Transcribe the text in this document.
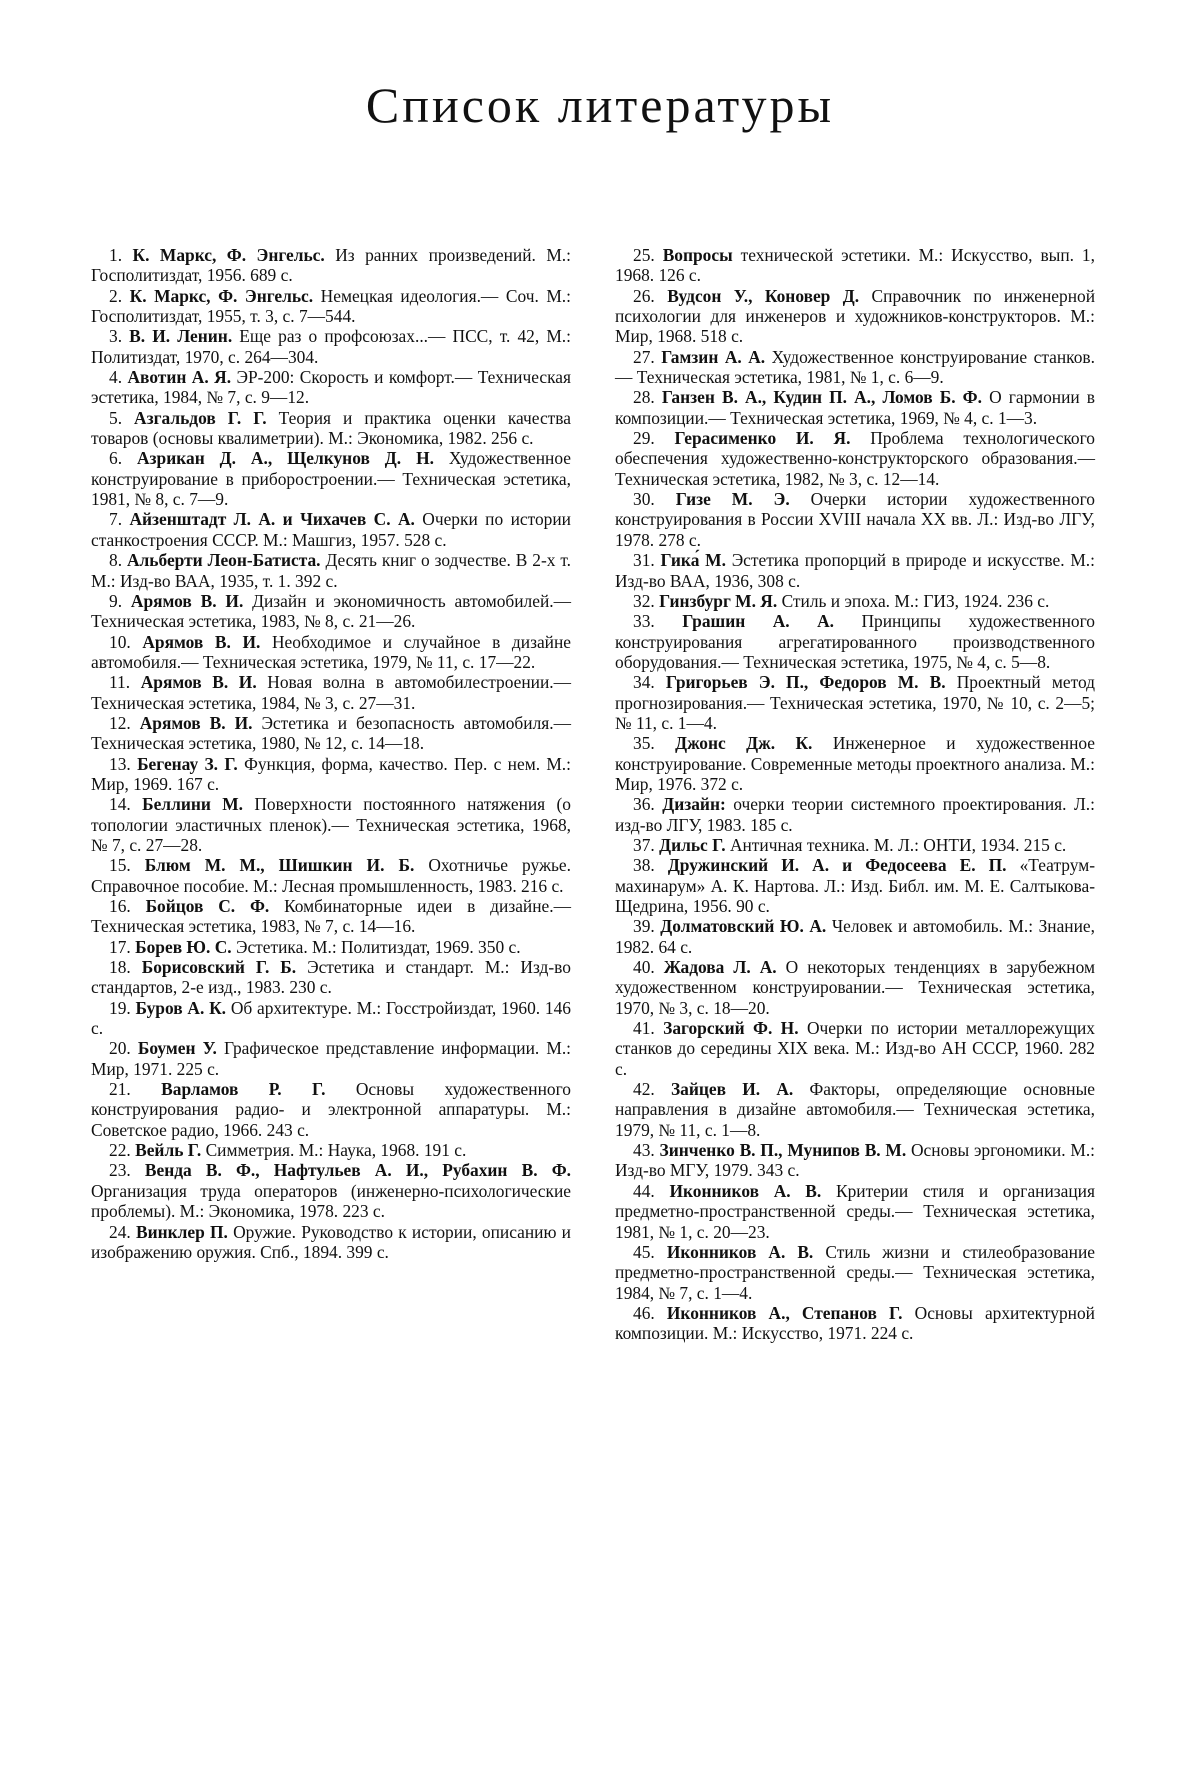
Список литературы

1. К. Маркс, Ф. Энгельс. Из ранних произведений. М.: Госполитиздат, 1956. 689 с.

2. К. Маркс, Ф. Энгельс. Немецкая идеология.— Соч. М.: Госполитиздат, 1955, т. 3, с. 7—544.

3. В. И. Ленин. Еще раз о профсоюзах...— ПСС, т. 42, М.: Политиздат, 1970, с. 264—304.

4. Авотин А. Я. ЭР-200: Скорость и комфорт.— Техническая эстетика, 1984, № 7, с. 9—12.

5. Азгальдов Г. Г. Теория и практика оценки качества товаров (основы квалиметрии). М.: Экономика, 1982. 256 с.

6. Азрикан Д. А., Щелкунов Д. Н. Художественное конструирование в приборостроении.— Техническая эстетика, 1981, № 8, с. 7—9.

7. Айзенштадт Л. А. и Чихачев С. А. Очерки по истории станкостроения СССР. М.: Машгиз, 1957. 528 с.

8. Альберти Леон-Батиста. Десять книг о зодчестве. В 2-х т. М.: Изд-во ВАА, 1935, т. 1. 392 с.

9. Арямов В. И. Дизайн и экономичность автомобилей.— Техническая эстетика, 1983, № 8, с. 21—26.

10. Арямов В. И. Необходимое и случайное в дизайне автомобиля.— Техническая эстетика, 1979, № 11, с. 17—22.

11. Арямов В. И. Новая волна в автомобилестроении.— Техническая эстетика, 1984, № 3, с. 27—31.

12. Арямов В. И. Эстетика и безопасность автомобиля.— Техническая эстетика, 1980, № 12, с. 14—18.

13. Бегенау З. Г. Функция, форма, качество. Пер. с нем. М.: Мир, 1969. 167 с.

14. Беллини М. Поверхности постоянного натяжения (о топологии эластичных пленок).— Техническая эстетика, 1968, № 7, с. 27—28.

15. Блюм М. М., Шишкин И. Б. Охотничье ружье. Справочное пособие. М.: Лесная промышленность, 1983. 216 с.

16. Бойцов С. Ф. Комбинаторные идеи в дизайне.— Техническая эстетика, 1983, № 7, с. 14—16.

17. Борев Ю. С. Эстетика. М.: Политиздат, 1969. 350 с.

18. Борисовский Г. Б. Эстетика и стандарт. М.: Изд-во стандартов, 2-е изд., 1983. 230 с.

19. Буров А. К. Об архитектуре. М.: Госстройиздат, 1960. 146 с.

20. Боумен У. Графическое представление информации. М.: Мир, 1971. 225 с.

21. Варламов Р. Г. Основы художественного конструирования радио- и электронной аппаратуры. М.: Советское радио, 1966. 243 с.

22. Вейль Г. Симметрия. М.: Наука, 1968. 191 с.

23. Венда В. Ф., Нафтульев А. И., Рубахин В. Ф. Организация труда операторов (инженерно-психологические проблемы). М.: Экономика, 1978. 223 с.

24. Винклер П. Оружие. Руководство к истории, описанию и изображению оружия. Спб., 1894. 399 с.

25. Вопросы технической эстетики. М.: Искусство, вып. 1, 1968. 126 с.

26. Вудсон У., Коновер Д. Справочник по инженерной психологии для инженеров и художников-конструкторов. М.: Мир, 1968. 518 с.

27. Гамзин А. А. Художественное конструирование станков.— Техническая эстетика, 1981, № 1, с. 6—9.

28. Ганзен В. А., Кудин П. А., Ломов Б. Ф. О гармонии в композиции.— Техническая эстетика, 1969, № 4, с. 1—3.

29. Герасименко И. Я. Проблема технологического обеспечения художественно-конструкторского образования.— Техническая эстетика, 1982, № 3, с. 12—14.

30. Гизе М. Э. Очерки истории художественного конструирования в России XVIII начала XX вв. Л.: Изд-во ЛГУ, 1978. 278 с.

31. Гика́ М. Эстетика пропорций в природе и искусстве. М.: Изд-во ВАА, 1936, 308 с.

32. Гинзбург М. Я. Стиль и эпоха. М.: ГИЗ, 1924. 236 с.

33. Грашин А. А. Принципы художественного конструирования агрегатированного производственного оборудования.— Техническая эстетика, 1975, № 4, с. 5—8.

34. Григорьев Э. П., Федоров М. В. Проектный метод прогнозирования.— Техническая эстетика, 1970, № 10, с. 2—5; № 11, с. 1—4.

35. Джонс Дж. К. Инженерное и художественное конструирование. Современные методы проектного анализа. М.: Мир, 1976. 372 с.

36. Дизайн: очерки теории системного проектирования. Л.: изд-во ЛГУ, 1983. 185 с.

37. Дильс Г. Античная техника. М. Л.: ОНТИ, 1934. 215 с.

38. Дружинский И. А. и Федосеева Е. П. «Театрум-махинарум» А. К. Нартова. Л.: Изд. Библ. им. М. Е. Салтыкова-Щедрина, 1956. 90 с.

39. Долматовский Ю. А. Человек и автомобиль. М.: Знание, 1982. 64 с.

40. Жадова Л. А. О некоторых тенденциях в зарубежном художественном конструировании.— Техническая эстетика, 1970, № 3, с. 18—20.

41. Загорский Ф. Н. Очерки по истории металлорежущих станков до середины XIX века. М.: Изд-во АН СССР, 1960. 282 с.

42. Зайцев И. А. Факторы, определяющие основные направления в дизайне автомобиля.— Техническая эстетика, 1979, № 11, с. 1—8.

43. Зинченко В. П., Мунипов В. М. Основы эргономики. М.: Изд-во МГУ, 1979. 343 с.

44. Иконников А. В. Критерии стиля и организация предметно-пространственной среды.— Техническая эстетика, 1981, № 1, с. 20—23.

45. Иконников А. В. Стиль жизни и стилеобразование предметно-пространственной среды.— Техническая эстетика, 1984, № 7, с. 1—4.

46. Иконников А., Степанов Г. Основы архитектурной композиции. М.: Искусство, 1971. 224 с.
